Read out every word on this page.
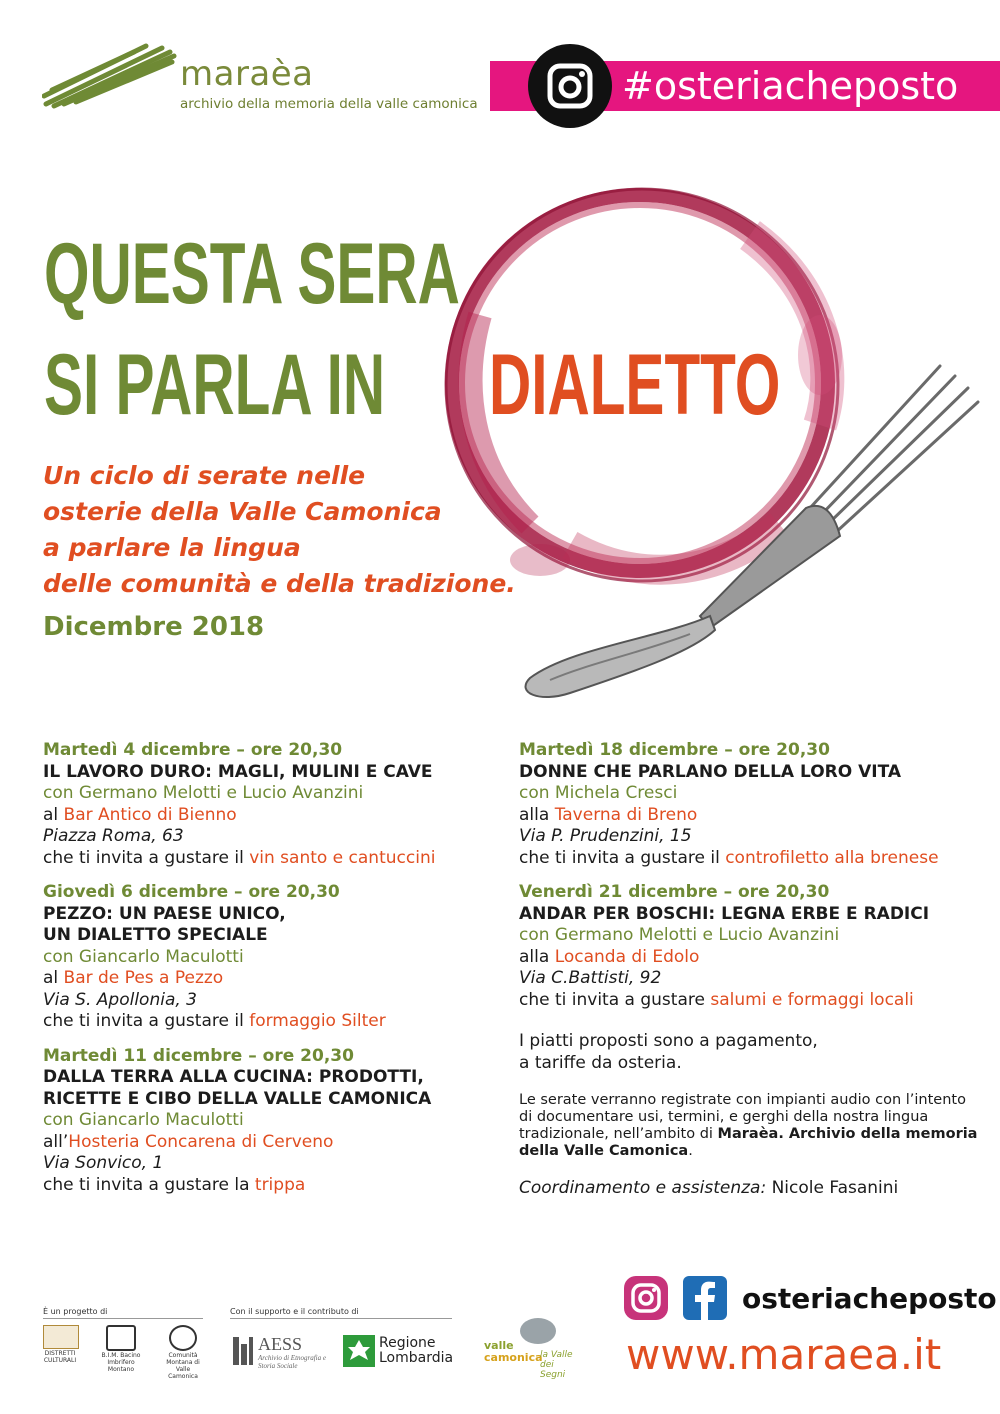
maraèa
archivio della memoria della valle camonica	#osteriacheposto
QUESTA SERA
SI PARLA IN DIALETTO
Un ciclo di serate nelle
osterie della Valle Camonica
a parlare la lingua
delle comunità e della tradizione.
Dicembre 2018
Martedì 4 dicembre – ore 20,30
IL LAVORO DURO: MAGLI, MULINI E CAVE
con Germano Melotti e Lucio Avanzini
al Bar Antico di Bienno
Piazza Roma, 63
che ti invita a gustare il vin santo e cantuccini
Giovedì 6 dicembre – ore 20,30
PEZZO: UN PAESE UNICO,
UN DIALETTO SPECIALE
con Giancarlo Maculotti
al Bar de Pes a Pezzo
Via S. Apollonia, 3
che ti invita a gustare il formaggio Silter
Martedì 11 dicembre – ore 20,30
DALLA TERRA ALLA CUCINA: PRODOTTI,
RICETTE E CIBO DELLA VALLE CAMONICA
con Giancarlo Maculotti
all’Hosteria Concarena di Cerveno
Via Sonvico, 1
che ti invita a gustare la trippa
Martedì 18 dicembre – ore 20,30
DONNE CHE PARLANO DELLA LORO VITA
con Michela Cresci
alla Taverna di Breno
Via P. Prudenzini, 15
che ti invita a gustare il controfiletto alla brenese
Venerdì 21 dicembre – ore 20,30
ANDAR PER BOSCHI: LEGNA ERBE E RADICI
con Germano Melotti e Lucio Avanzini
alla Locanda di Edolo
Via C.Battisti, 92
che ti invita a gustare salumi e formaggi locali
I piatti proposti sono a pagamento,
a tariffe da osteria.
Le serate verranno registrate con impianti audio con l’intento di documentare usi, termini, e gerghi della nostra lingua tradizionale, nell’ambito di Maraèa. Archivio della memoria della Valle Camonica.
Coordinamento e assistenza: Nicole Fasanini
È un progetto di	Con il supporto e il contributo di
DISTRETTI CULTURALI
B.I.M. Bacino Imbrifero Montano
Comunità Montana di Valle Camonica
AESS
Archivio di Etnografia e Storia Sociale
Regione
Lombardia
valle
camonica
la Valle dei Segni
osteriacheposto
www.maraea.it
